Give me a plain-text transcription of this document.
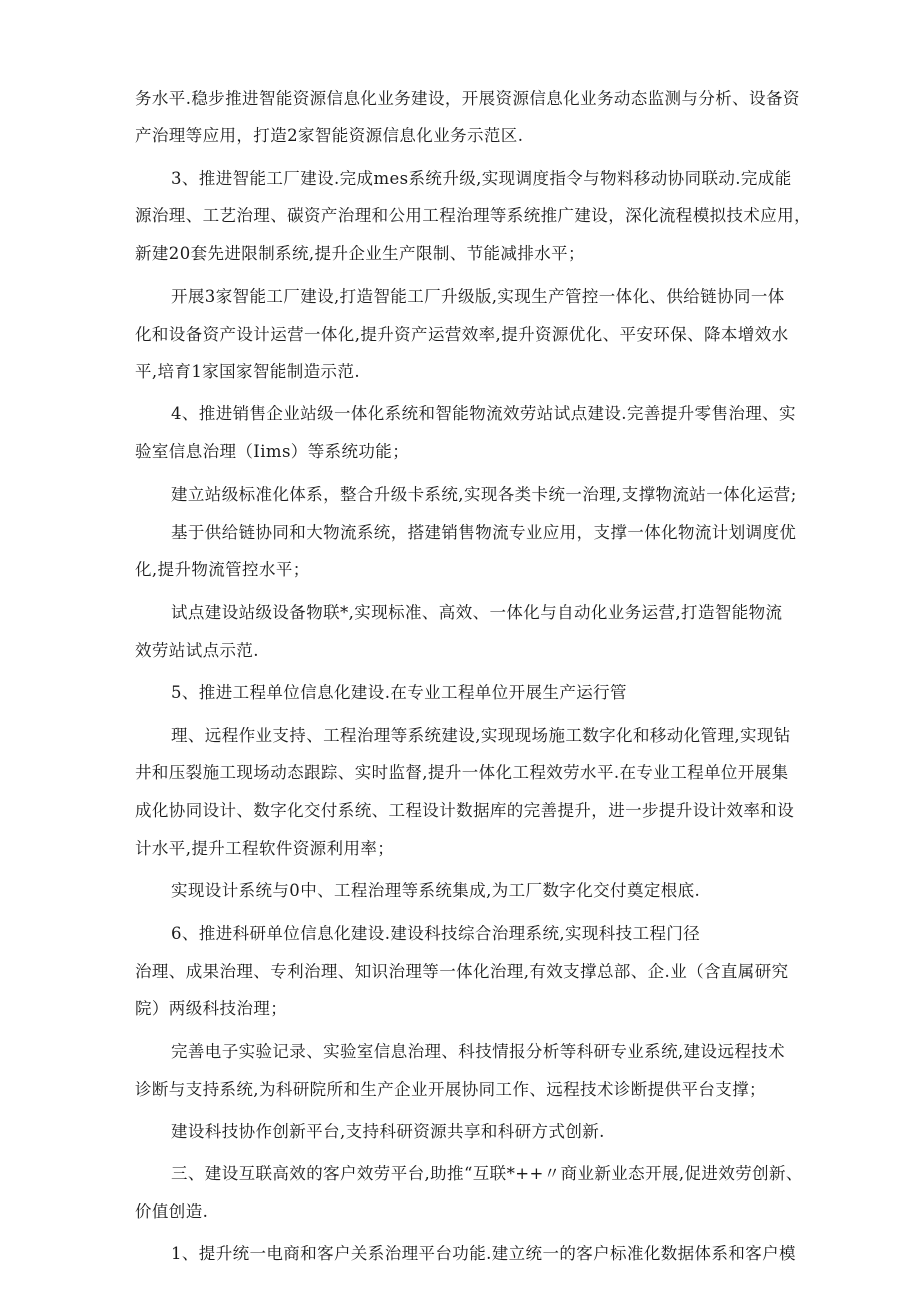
务水平.稳步推进智能资源信息化业务建设，开展资源信息化业务动态监测与分析、设备资
产治理等应用，打造2家智能资源信息化业务示范区.
3、推进智能工厂建设.完成mes系统升级,实现调度指令与物料移动协同联动.完成能
源治理、工艺治理、碳资产治理和公用工程治理等系统推广建设，深化流程模拟技术应用，
新建20套先进限制系统,提升企业生产限制、节能减排水平；
开展3家智能工厂建设,打造智能工厂升级版,实现生产管控一体化、供给链协同一体
化和设备资产设计运营一体化,提升资产运营效率,提升资源优化、平安环保、降本增效水
平,培育1家国家智能制造示范.
4、推进销售企业站级一体化系统和智能物流效劳站试点建设.完善提升零售治理、实
验室信息治理（Iims）等系统功能；
建立站级标准化体系，整合升级卡系统,实现各类卡统一治理,支撑物流站一体化运营;
基于供给链协同和大物流系统，搭建销售物流专业应用，支撑一体化物流计划调度优
化,提升物流管控水平；
试点建设站级设备物联*,实现标准、高效、一体化与自动化业务运营,打造智能物流
效劳站试点示范.
5、推进工程单位信息化建设.在专业工程单位开展生产运行管
理、远程作业支持、工程治理等系统建设,实现现场施工数字化和移动化管理,实现钻
井和压裂施工现场动态跟踪、实时监督,提升一体化工程效劳水平.在专业工程单位开展集
成化协同设计、数字化交付系统、工程设计数据库的完善提升，进一步提升设计效率和设
计水平,提升工程软件资源利用率；
实现设计系统与0中、工程治理等系统集成,为工厂数字化交付奠定根底.
6、推进科研单位信息化建设.建设科技综合治理系统,实现科技工程门径
治理、成果治理、专利治理、知识治理等一体化治理,有效支撑总部、企.业（含直属研究
院）两级科技治理；
完善电子实验记录、实验室信息治理、科技情报分析等科研专业系统,建设远程技术
诊断与支持系统,为科研院所和生产企业开展协同工作、远程技术诊断提供平台支撑；
建设科技协作创新平台,支持科研资源共享和科研方式创新.
三、建设互联高效的客户效劳平台,助推“互联*++〃商业新业态开展,促进效劳创新、
价值创造.
1、提升统一电商和客户关系治理平台功能.建立统一的客户标准化数据体系和客户模
